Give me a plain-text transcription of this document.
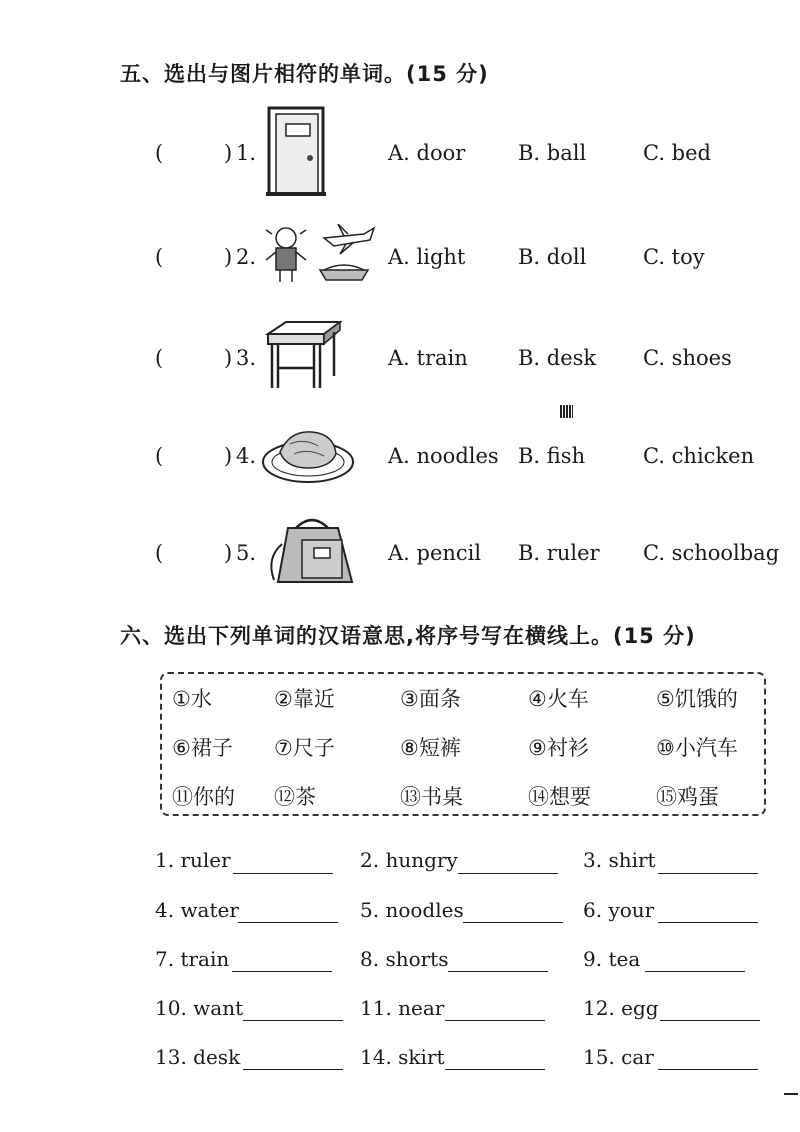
五、选出与图片相符的单词。(15 分)
(	) 1.	A. door	B. ball	C. bed
(	) 2.	A. light	B. doll	C. toy
(	) 3.	A. train B. desk C. shoes
(	) 4.	A. noodles B. fish	C. chicken
(	) 5.	A. pencil B. ruler C. schoolbag
六、选出下列单词的汉语意思,将序号写在横线上。(15 分)
①水	②靠近	③面条	④火车	⑤饥饿的
⑥裙子 ⑦尺子	⑧短裤	⑨衬衫	⑩小汽车
⑪你的 ⑫茶	⑬书桌	⑭想要	⑮鸡蛋
1. ruler	2. hungry	3. shirt
4. water	5. noodles	6. your
7. train	8. shorts	9. tea
10. want	11. near	12. egg
13. desk	14. skirt	15. car
